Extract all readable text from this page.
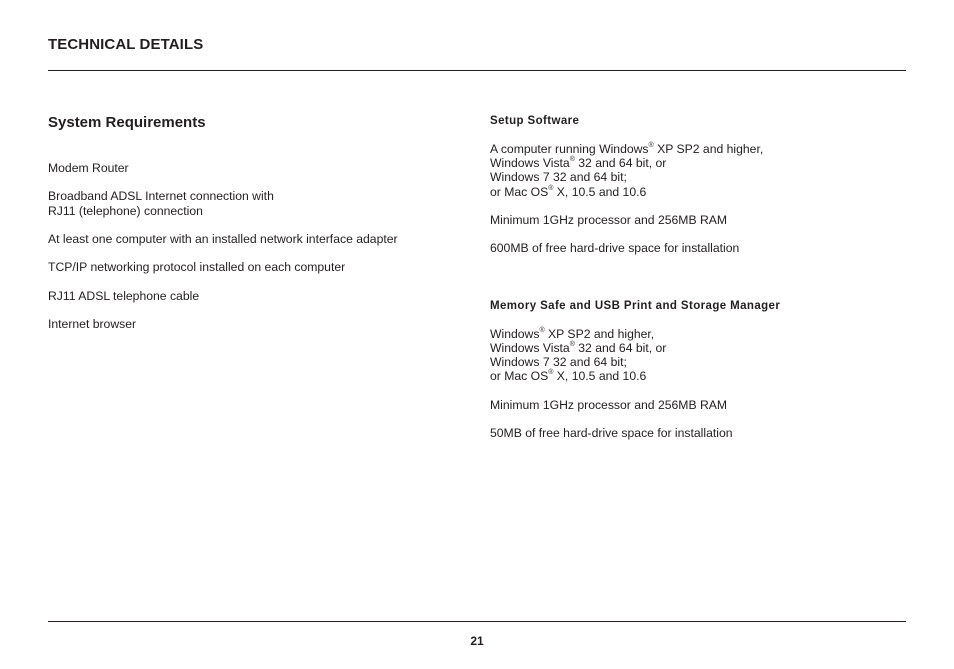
TECHNICAL DETAILS
System Requirements
Modem Router
Broadband ADSL Internet connection with
RJ11 (telephone) connection
At least one computer with an installed network interface adapter
TCP/IP networking protocol installed on each computer
RJ11 ADSL telephone cable
Internet browser
Setup Software
A computer running Windows® XP SP2 and higher,
Windows Vista® 32 and 64 bit, or
Windows 7 32 and 64 bit;
or Mac OS® X, 10.5 and 10.6
Minimum 1GHz processor and 256MB RAM
600MB of free hard-drive space for installation
Memory Safe and USB Print and Storage Manager
Windows® XP SP2 and higher,
Windows Vista® 32 and 64 bit, or
Windows 7 32 and 64 bit;
or Mac OS® X, 10.5 and 10.6
Minimum 1GHz processor and 256MB RAM
50MB of free hard-drive space for installation
21
